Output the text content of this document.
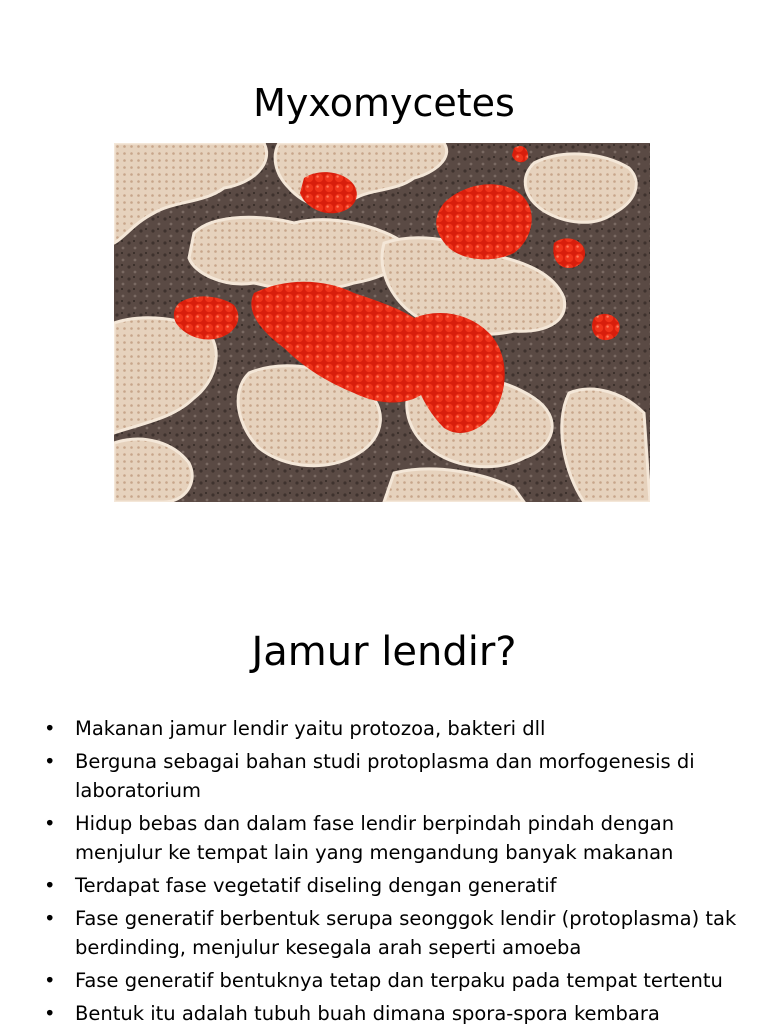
Myxomycetes
Jamur lendir?
• Makanan jamur lendir yaitu protozoa, bakteri dll
• Berguna sebagai bahan studi protoplasma dan morfogenesis di laboratorium
• Hidup bebas dan dalam fase lendir berpindah pindah dengan menjulur ke tempat lain yang mengandung banyak makanan
• Terdapat fase vegetatif diseling dengan generatif
• Fase generatif berbentuk serupa seonggok lendir (protoplasma) tak berdinding, menjulur kesegala arah seperti amoeba
• Fase generatif bentuknya tetap dan terpaku pada tempat tertentu
• Bentuk itu adalah tubuh buah dimana spora-spora kembara
